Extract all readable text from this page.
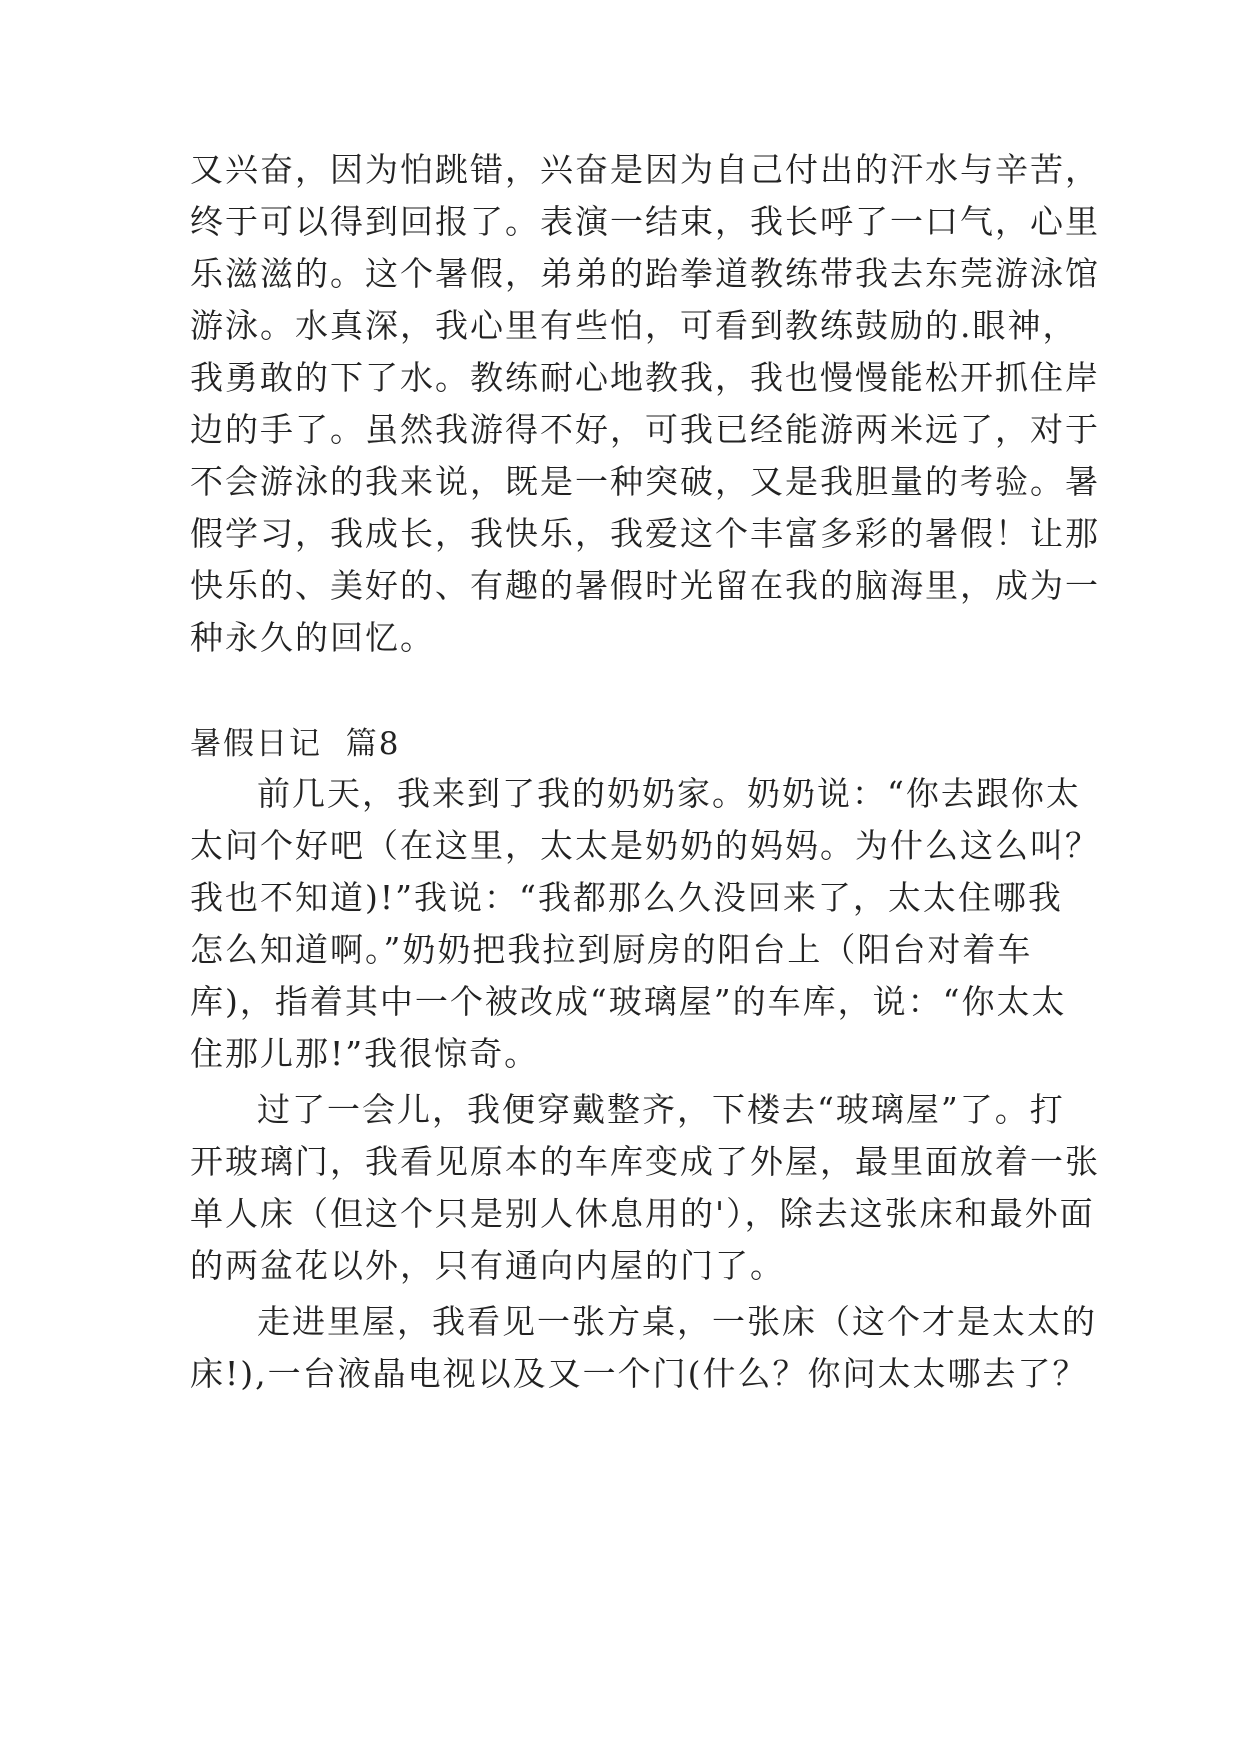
又兴奋，因为怕跳错，兴奋是因为自己付出的汗水与辛苦，
终于可以得到回报了。表演一结束，我长呼了一口气，心里
乐滋滋的。这个暑假，弟弟的跆拳道教练带我去东莞游泳馆
游泳。水真深，我心里有些怕，可看到教练鼓励的.眼神，
我勇敢的下了水。教练耐心地教我，我也慢慢能松开抓住岸
边的手了。虽然我游得不好，可我已经能游两米远了，对于
不会游泳的我来说，既是一种突破，又是我胆量的考验。暑
假学习，我成长，我快乐，我爱这个丰富多彩的暑假！让那
快乐的、美好的、有趣的暑假时光留在我的脑海里，成为一
种永久的回忆。
暑假日记  篇8
前几天，我来到了我的奶奶家。奶奶说：“你去跟你太
太问个好吧（在这里，太太是奶奶的妈妈。为什么这么叫？
我也不知道)!”我说：“我都那么久没回来了，太太住哪我
怎么知道啊。”奶奶把我拉到厨房的阳台上（阳台对着车
库)，指着其中一个被改成“玻璃屋”的车库，说：“你太太
住那儿那!”我很惊奇。
过了一会儿，我便穿戴整齐，下楼去“玻璃屋”了。打
开玻璃门，我看见原本的车库变成了外屋，最里面放着一张
单人床（但这个只是别人休息用的'），除去这张床和最外面
的两盆花以外，只有通向内屋的门了。
走进里屋，我看见一张方桌，一张床（这个才是太太的
床!),一台液晶电视以及又一个门(什么？你问太太哪去了？
